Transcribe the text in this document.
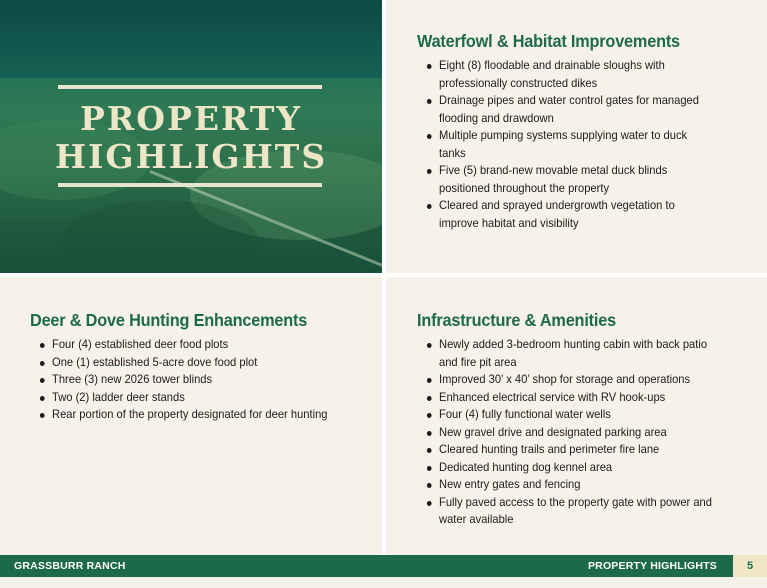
PROPERTY
HIGHLIGHTS
Waterfowl & Habitat Improvements
Eight (8) floodable and drainable sloughs with professionally constructed dikes
Drainage pipes and water control gates for managed flooding and drawdown
Multiple pumping systems supplying water to duck tanks
Five (5) brand-new movable metal duck blinds positioned throughout the property
Cleared and sprayed undergrowth vegetation to improve habitat and visibility
Deer & Dove Hunting Enhancements
Four (4) established deer food plots
One (1) established 5-acre dove food plot
Three (3) new 2026 tower blinds
Two (2) ladder deer stands
Rear portion of the property designated for deer hunting
Infrastructure & Amenities
Newly added 3-bedroom hunting cabin with back patio and fire pit area
Improved 30’ x 40’ shop for storage and operations
Enhanced electrical service with RV hook-ups
Four (4) fully functional water wells
New gravel drive and designated parking area
Cleared hunting trails and perimeter fire lane
Dedicated hunting dog kennel area
New entry gates and fencing
Fully paved access to the property gate with power and water available
GRASSBURR RANCH	PROPERTY HIGHLIGHTS	5
